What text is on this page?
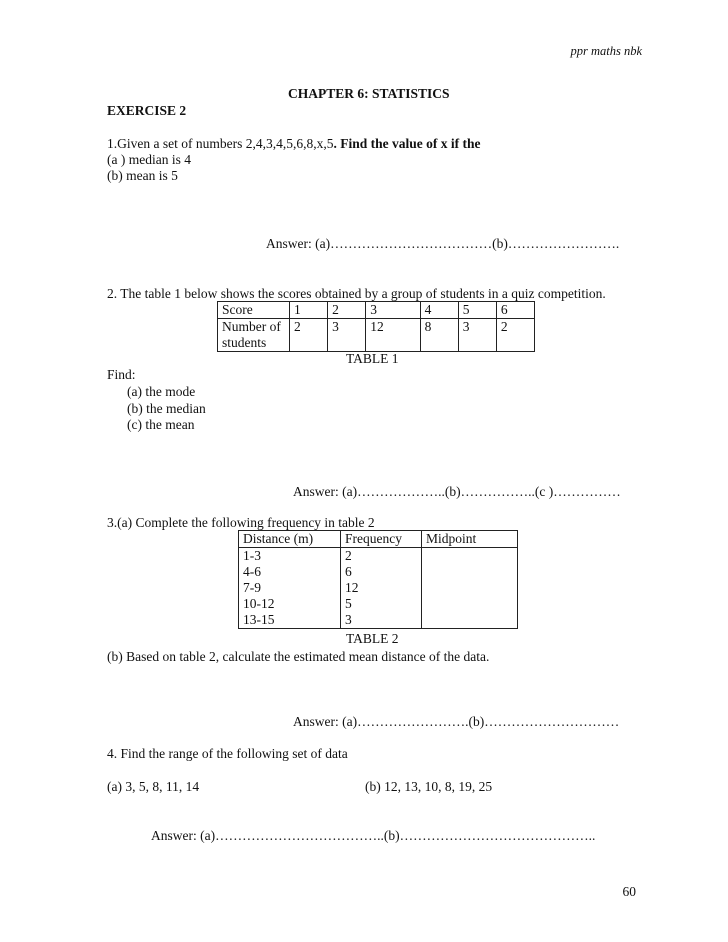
ppr maths nbk
CHAPTER 6: STATISTICS
EXERCISE 2
1.Given a set of numbers 2,4,3,4,5,6,8,x,5. Find the value of x if the
(a ) median is 4
(b) mean is 5
Answer: (a)………………………………(b)…………………….
2. The table 1 below shows the scores obtained by a group of students in a quiz competition.
Score	1	2	3	4	5	6

Number of
students	2	3	12	8	3	2
TABLE 1
Find:
(a) the mode
(b) the median
(c) the mean
Answer: (a)………………..(b)……………..(c )……………
3.(a) Complete the following frequency in table 2
Distance (m)	Frequency	Midpoint
1-3	2	
4-6	6	
7-9	12	
10-12	5	
13-15	3	
TABLE 2
(b) Based on table 2, calculate the estimated mean distance of the data.
Answer: (a)…………………….(b)…………………………
4. Find the range of the following set of data
(a) 3, 5, 8, 11, 14	(b) 12, 13, 10, 8, 19, 25
Answer: (a)………………………………..(b)……………………………………..
60
